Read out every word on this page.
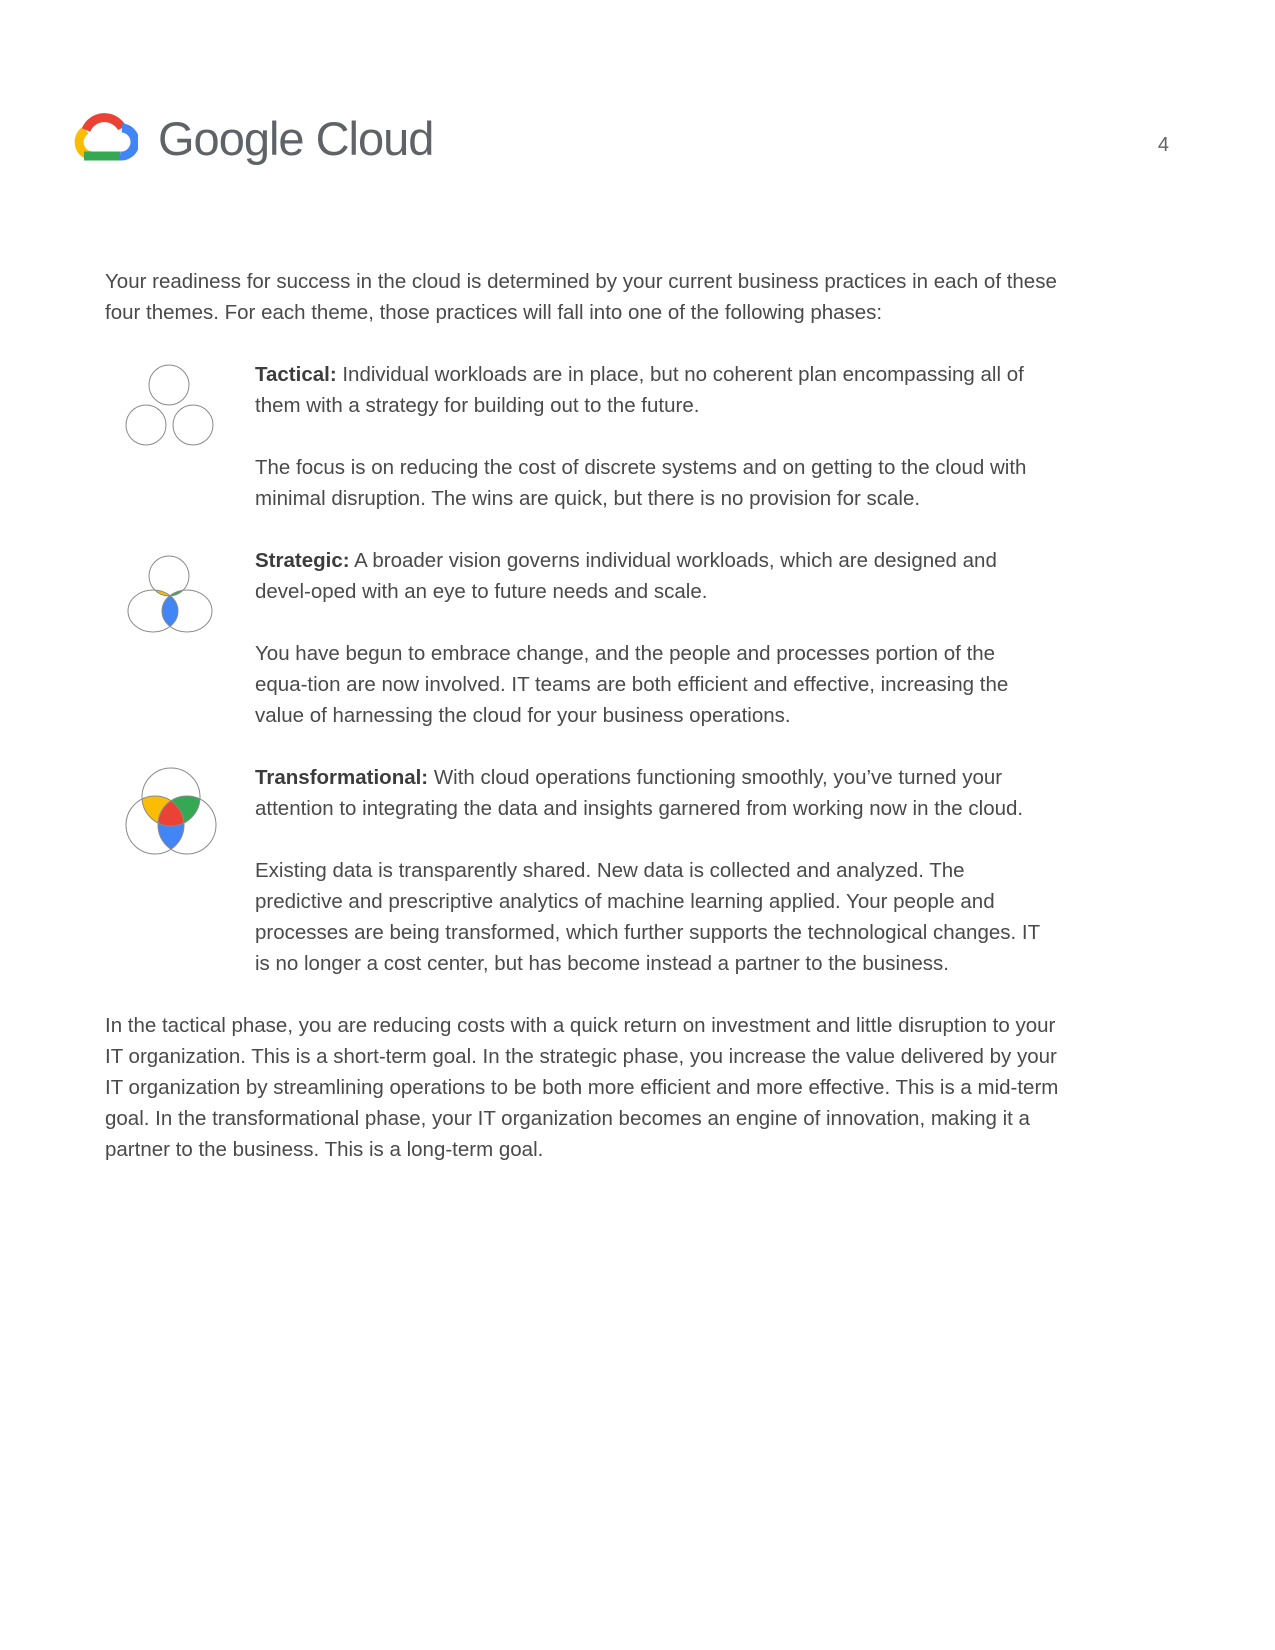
Google Cloud	4

Your readiness for success in the cloud is determined by your current business practices in each of these four themes. For each theme, those practices will fall into one of the following phases:

Tactical: Individual workloads are in place, but no coherent plan encompassing all of them with a strategy for building out to the future.

The focus is on reducing the cost of discrete systems and on getting to the cloud with minimal disruption. The wins are quick, but there is no provision for scale.

Strategic: A broader vision governs individual workloads, which are designed and devel-oped with an eye to future needs and scale.

You have begun to embrace change, and the people and processes portion of the equa-tion are now involved. IT teams are both efficient and effective, increasing the value of harnessing the cloud for your business operations.

Transformational: With cloud operations functioning smoothly, you’ve turned your attention to integrating the data and insights garnered from working now in the cloud.

Existing data is transparently shared. New data is collected and analyzed. The predictive and prescriptive analytics of machine learning applied. Your people and processes are being transformed, which further supports the technological changes. IT is no longer a cost center, but has become instead a partner to the business.

In the tactical phase, you are reducing costs with a quick return on investment and little disruption to your IT organization. This is a short-term goal. In the strategic phase, you increase the value delivered by your IT organization by streamlining operations to be both more efficient and more effective. This is a mid-term goal. In the transformational phase, your IT organization becomes an engine of innovation, making it a partner to the business. This is a long-term goal.
